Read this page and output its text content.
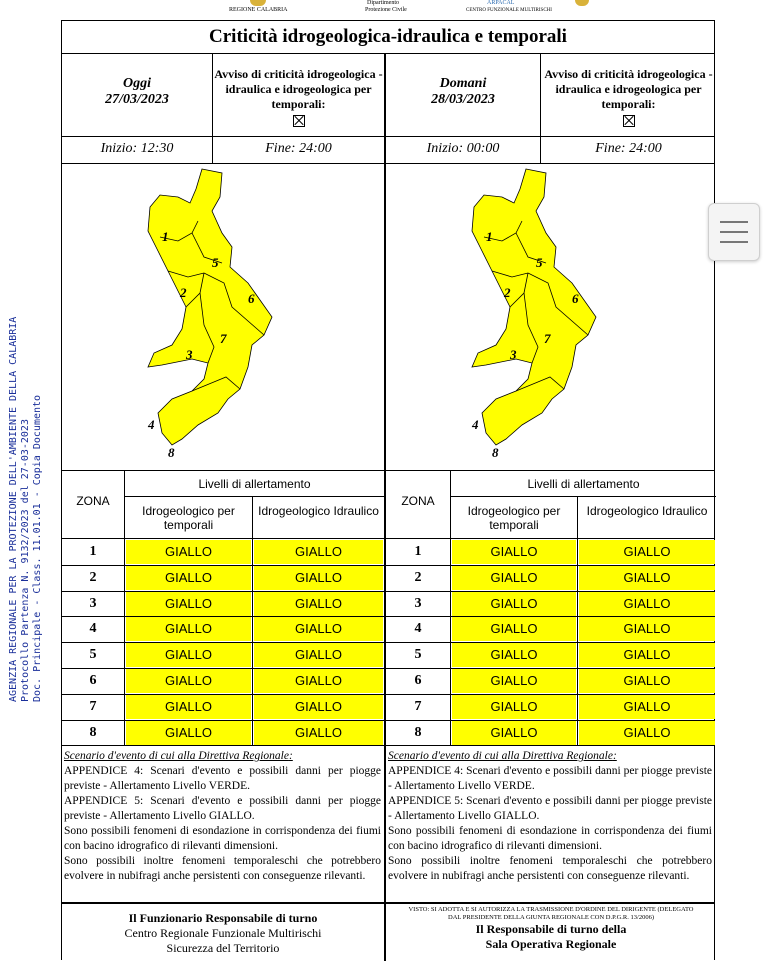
REGIONE CALABRIA
Dipartimento
Protezione Civile
ARPACAL
CENTRO FUNZIONALE MULTIRISCHI
AGENZIA REGIONALE PER LA PROTEZIONE DELL'AMBIENTE DELLA CALABRIA Protocollo Partenza N. 9132/2023 del 27-03-2023 Doc. Principale - Class. 11.01.01 - Copia Documento
Criticità idrogeologica-idraulica e temporali
Oggi
27/03/2023
Avviso di criticità idrogeologica - idraulica e idrogeologica per temporali:
Inizio: 12:30	Fine: 24:00
Domani
28/03/2023
Avviso di criticità idrogeologica - idraulica e idrogeologica per temporali:
Inizio: 00:00	Fine: 24:00
1
2
3
4
5
6
7
8
1
2
3
4
5
6
7
8
ZONA
Livelli di allertamento
Idrogeologico per temporali
Idrogeologico Idraulico
ZONA
Livelli di allertamento
Idrogeologico per temporali
Idrogeologico Idraulico
1	GIALLO	GIALLO	1	GIALLO	GIALLO
2	GIALLO	GIALLO	2	GIALLO	GIALLO
3	GIALLO	GIALLO	3	GIALLO	GIALLO
4	GIALLO	GIALLO	4	GIALLO	GIALLO
5	GIALLO	GIALLO	5	GIALLO	GIALLO
6	GIALLO	GIALLO	6	GIALLO	GIALLO
7	GIALLO	GIALLO	7	GIALLO	GIALLO
8	GIALLO	GIALLO	8	GIALLO	GIALLO
Scenario d'evento di cui alla Direttiva Regionale:
APPENDICE 4: Scenari d'evento e possibili danni per piogge previste - Allertamento Livello VERDE.
APPENDICE 5: Scenari d'evento e possibili danni per piogge previste - Allertamento Livello GIALLO.
Sono possibili fenomeni di esondazione in corrispondenza dei fiumi con bacino idrografico di rilevanti dimensioni.
Sono possibili inoltre fenomeni temporaleschi che potrebbero evolvere in nubifragi anche persistenti con conseguenze rilevanti.
Scenario d'evento di cui alla Direttiva Regionale:
APPENDICE 4: Scenari d'evento e possibili danni per piogge previste - Allertamento Livello VERDE.
APPENDICE 5: Scenari d'evento e possibili danni per piogge previste - Allertamento Livello GIALLO.
Sono possibili fenomeni di esondazione in corrispondenza dei fiumi con bacino idrografico di rilevanti dimensioni.
Sono possibili inoltre fenomeni temporaleschi che potrebbero evolvere in nubifragi anche persistenti con conseguenze rilevanti.
Il Funzionario Responsabile di turno
Centro Regionale Funzionale Multirischi
Sicurezza del Territorio
VISTO: SI ADOTTA E SI AUTORIZZA LA TRASMISSIONE D'ORDINE DEL DIRIGENTE (DELEGATO DAL PRESIDENTE DELLA GIUNTA REGIONALE CON D.P.G.R. 13/2006)
Il Responsabile di turno della
Sala Operativa Regionale
